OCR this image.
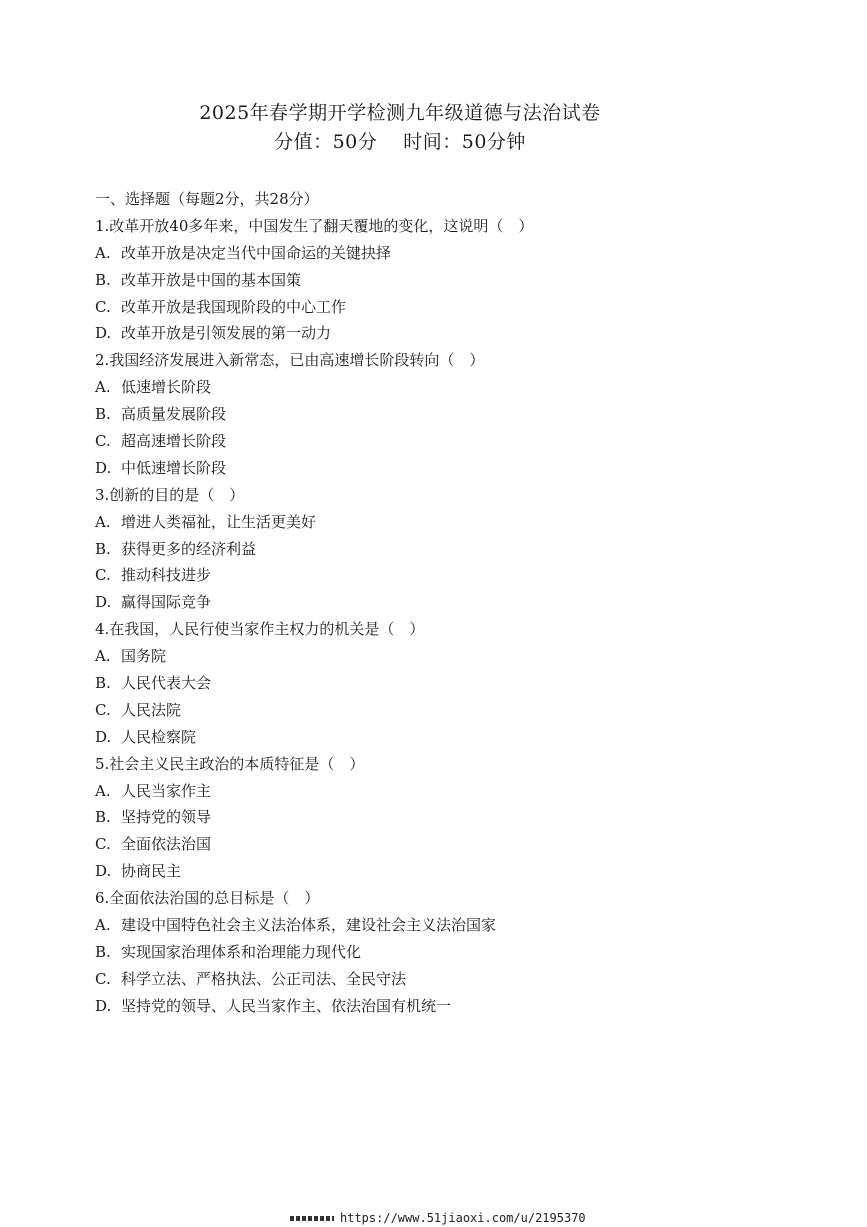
2025年春学期开学检测九年级道德与法治试卷
分值：50分 时间：50分钟
一、选择题（每题2分，共28分）
1.改革开放40多年来，中国发生了翻天覆地的变化，这说明（　）
A. 改革开放是决定当代中国命运的关键抉择
B. 改革开放是中国的基本国策
C. 改革开放是我国现阶段的中心工作
D. 改革开放是引领发展的第一动力
2.我国经济发展进入新常态，已由高速增长阶段转向（　）
A. 低速增长阶段
B. 高质量发展阶段
C. 超高速增长阶段
D. 中低速增长阶段
3.创新的目的是（　）
A. 增进人类福祉，让生活更美好
B. 获得更多的经济利益
C. 推动科技进步
D. 赢得国际竞争
4.在我国，人民行使当家作主权力的机关是（　）
A. 国务院
B. 人民代表大会
C. 人民法院
D. 人民检察院
5.社会主义民主政治的本质特征是（　）
A. 人民当家作主
B. 坚持党的领导
C. 全面依法治国
D. 协商民主
6.全面依法治国的总目标是（　）
A. 建设中国特色社会主义法治体系，建设社会主义法治国家
B. 实现国家治理体系和治理能力现代化
C. 科学立法、严格执法、公正司法、全民守法
D. 坚持党的领导、人民当家作主、依法治国有机统一
https://www.51jiaoxi.com/u/2195370
